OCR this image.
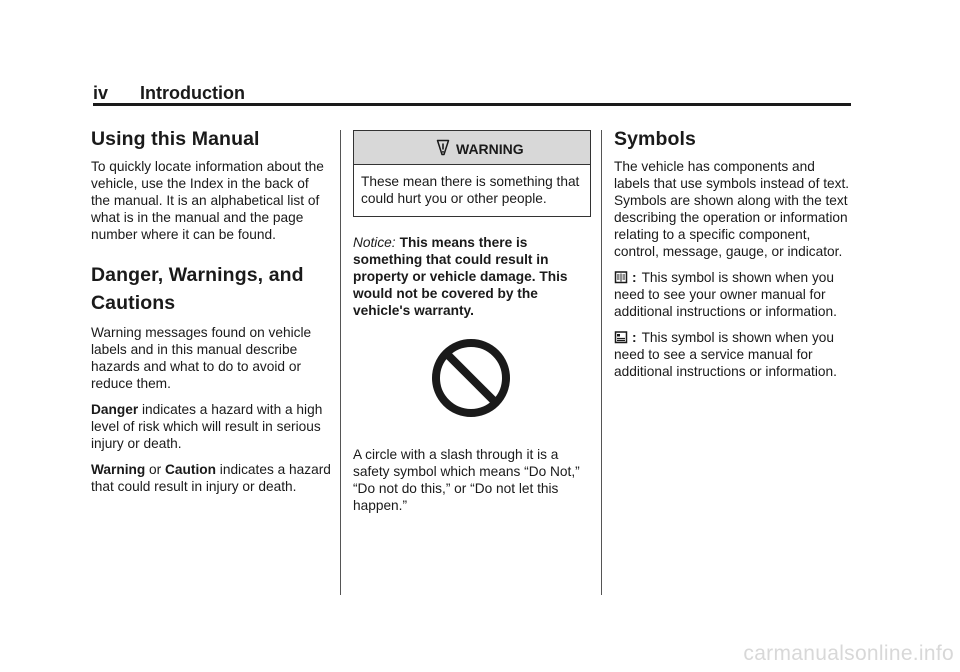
iv Introduction
Using this Manual

To quickly locate information about the vehicle, use the Index in the back of the manual. It is an alphabetical list of what is in the manual and the page number where it can be found.

Danger, Warnings, and Cautions

Warning messages found on vehicle labels and in this manual describe hazards and what to do to avoid or reduce them.

Danger indicates a hazard with a high level of risk which will result in serious injury or death.

Warning or Caution indicates a hazard that could result in injury or death.

WARNING
These mean there is something that could hurt you or other people.

Notice: This means there is something that could result in property or vehicle damage. This would not be covered by the vehicle's warranty.

A circle with a slash through it is a safety symbol which means “Do Not,” “Do not do this,” or “Do not let this happen.”

Symbols

The vehicle has components and labels that use symbols instead of text. Symbols are shown along with the text describing the operation or information relating to a specific component, control, message, gauge, or indicator.

: This symbol is shown when you need to see your owner manual for additional instructions or information.

: This symbol is shown when you need to see a service manual for additional instructions or information.

carmanualsonline.info
